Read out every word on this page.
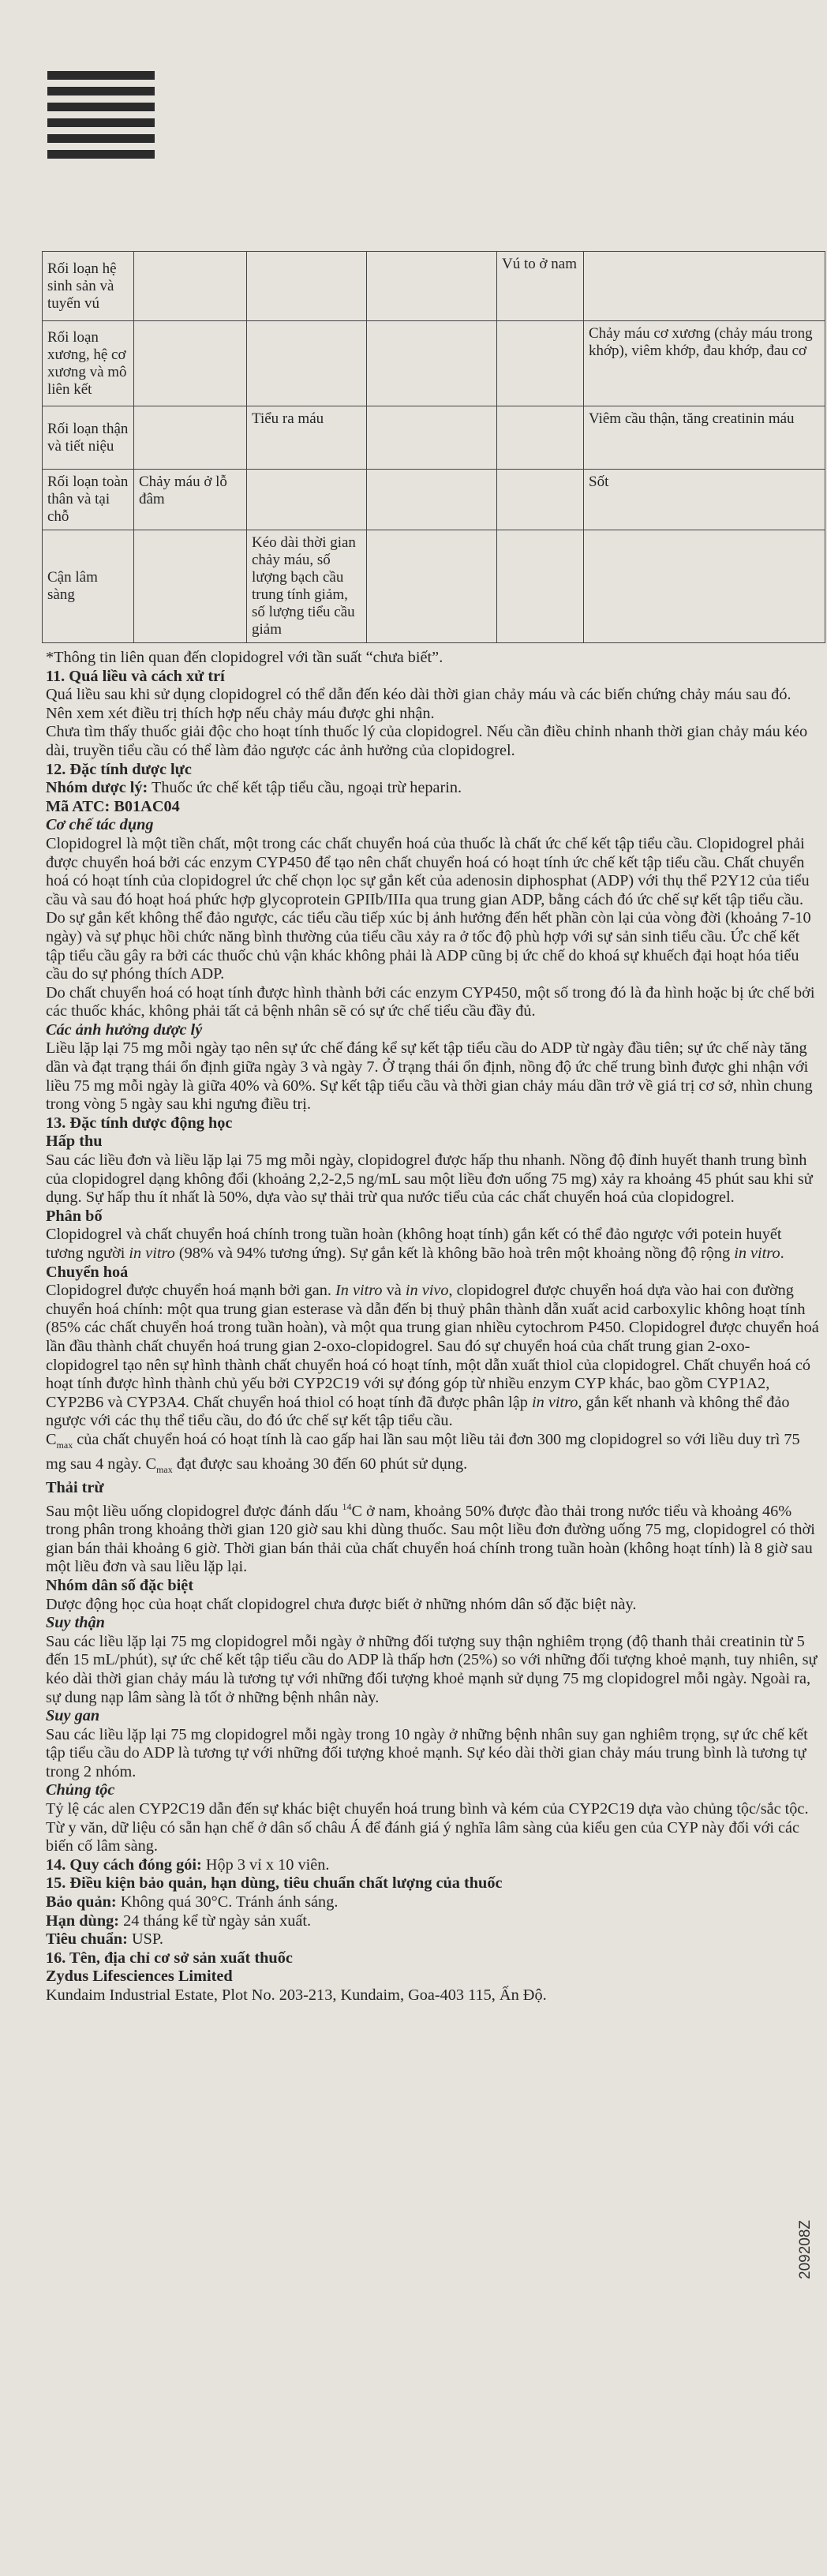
Rối loạn hệ sinh sản và tuyến vú				Vú to ở nam	
Rối loạn xương, hệ cơ xương và mô liên kết					Chảy máu cơ xương (chảy máu trong khớp), viêm khớp, đau khớp, đau cơ
Rối loạn thận và tiết niệu		Tiểu ra máu			Viêm cầu thận, tăng creatinin máu
Rối loạn toàn thân và tại chỗ	Chảy máu ở lỗ đâm				Sốt
Cận lâm sàng		Kéo dài thời gian chảy máu, số lượng bạch cầu trung tính giảm, số lượng tiểu cầu giảm			

*Thông tin liên quan đến clopidogrel với tần suất “chưa biết”.

11. Quá liều và cách xử trí

Quá liều sau khi sử dụng clopidogrel có thể dẫn đến kéo dài thời gian chảy máu và các biến chứng chảy máu sau đó. Nên xem xét điều trị thích hợp nếu chảy máu được ghi nhận.

Chưa tìm thấy thuốc giải độc cho hoạt tính thuốc lý của clopidogrel. Nếu cần điều chỉnh nhanh thời gian chảy máu kéo dài, truyền tiểu cầu có thể làm đảo ngược các ảnh hưởng của clopidogrel.

12. Đặc tính dược lực

Nhóm dược lý: Thuốc ức chế kết tập tiểu cầu, ngoại trừ heparin.

Mã ATC: B01AC04

Cơ chế tác dụng

Clopidogrel là một tiền chất, một trong các chất chuyển hoá của thuốc là chất ức chế kết tập tiểu cầu. Clopidogrel phải được chuyển hoá bởi các enzym CYP450 để tạo nên chất chuyển hoá có hoạt tính ức chế kết tập tiểu cầu. Chất chuyển hoá có hoạt tính của clopidogrel ức chế chọn lọc sự gắn kết của adenosin diphosphat (ADP) với thụ thể P2Y12 của tiểu cầu và sau đó hoạt hoá phức hợp glycoprotein GPIIb/IIIa qua trung gian ADP, bằng cách đó ức chế sự kết tập tiểu cầu. Do sự gắn kết không thể đảo ngược, các tiểu cầu tiếp xúc bị ảnh hưởng đến hết phần còn lại của vòng đời (khoảng 7-10 ngày) và sự phục hồi chức năng bình thường của tiểu cầu xảy ra ở tốc độ phù hợp với sự sản sinh tiểu cầu. Ức chế kết tập tiểu cầu gây ra bởi các thuốc chủ vận khác không phải là ADP cũng bị ức chế do khoá sự khuếch đại hoạt hóa tiểu cầu do sự phóng thích ADP.

Do chất chuyển hoá có hoạt tính được hình thành bởi các enzym CYP450, một số trong đó là đa hình hoặc bị ức chế bởi các thuốc khác, không phải tất cả bệnh nhân sẽ có sự ức chế tiểu cầu đầy đủ.

Các ảnh hưởng dược lý

Liều lặp lại 75 mg mỗi ngày tạo nên sự ức chế đáng kể sự kết tập tiểu cầu do ADP từ ngày đầu tiên; sự ức chế này tăng dần và đạt trạng thái ổn định giữa ngày 3 và ngày 7. Ở trạng thái ổn định, nồng độ ức chế trung bình được ghi nhận với liều 75 mg mỗi ngày là giữa 40% và 60%. Sự kết tập tiểu cầu và thời gian chảy máu dần trở về giá trị cơ sở, nhìn chung trong vòng 5 ngày sau khi ngưng điều trị.

13. Đặc tính dược động học

Hấp thu

Sau các liều đơn và liều lặp lại 75 mg mỗi ngày, clopidogrel được hấp thu nhanh. Nồng độ đỉnh huyết thanh trung bình của clopidogrel dạng không đổi (khoảng 2,2-2,5 ng/mL sau một liều đơn uống 75 mg) xảy ra khoảng 45 phút sau khi sử dụng. Sự hấp thu ít nhất là 50%, dựa vào sự thải trừ qua nước tiểu của các chất chuyển hoá của clopidogrel.

Phân bố

Clopidogrel và chất chuyển hoá chính trong tuần hoàn (không hoạt tính) gắn kết có thể đảo ngược với potein huyết tương người in vitro (98% và 94% tương ứng). Sự gắn kết là không bão hoà trên một khoảng nồng độ rộng in vitro.

Chuyển hoá

Clopidogrel được chuyển hoá mạnh bởi gan. In vitro và in vivo, clopidogrel được chuyển hoá dựa vào hai con đường chuyển hoá chính: một qua trung gian esterase và dẫn đến bị thuỷ phân thành dẫn xuất acid carboxylic không hoạt tính (85% các chất chuyển hoá trong tuần hoàn), và một qua trung gian nhiều cytochrom P450. Clopidogrel được chuyển hoá lần đầu thành chất chuyển hoá trung gian 2-oxo-clopidogrel. Sau đó sự chuyển hoá của chất trung gian 2-oxo-clopidogrel tạo nên sự hình thành chất chuyển hoá có hoạt tính, một dẫn xuất thiol của clopidogrel. Chất chuyển hoá có hoạt tính được hình thành chủ yếu bởi CYP2C19 với sự đóng góp từ nhiều enzym CYP khác, bao gồm CYP1A2, CYP2B6 và CYP3A4. Chất chuyển hoá thiol có hoạt tính đã được phân lập in vitro, gắn kết nhanh và không thể đảo ngược với các thụ thể tiểu cầu, do đó ức chế sự kết tập tiểu cầu.

$C_{max}$ của chất chuyển hoá có hoạt tính là cao gấp hai lần sau một liều tải đơn 300 mg clopidogrel so với liều duy trì 75 mg sau 4 ngày. $C_{max}$ đạt được sau khoảng 30 đến 60 phút sử dụng.

Thải trừ

Sau một liều uống clopidogrel được đánh dấu $^{14}$C ở nam, khoảng 50% được đào thải trong nước tiểu và khoảng 46% trong phân trong khoảng thời gian 120 giờ sau khi dùng thuốc. Sau một liều đơn đường uống 75 mg, clopidogrel có thời gian bán thải khoảng 6 giờ. Thời gian bán thải của chất chuyển hoá chính trong tuần hoàn (không hoạt tính) là 8 giờ sau một liều đơn và sau liều lặp lại.

Nhóm dân số đặc biệt

Dược động học của hoạt chất clopidogrel chưa được biết ở những nhóm dân số đặc biệt này.

Suy thận

Sau các liều lặp lại 75 mg clopidogrel mỗi ngày ở những đối tượng suy thận nghiêm trọng (độ thanh thải creatinin từ 5 đến 15 mL/phút), sự ức chế kết tập tiểu cầu do ADP là thấp hơn (25%) so với những đối tượng khoẻ mạnh, tuy nhiên, sự kéo dài thời gian chảy máu là tương tự với những đối tượng khoẻ mạnh sử dụng 75 mg clopidogrel mỗi ngày. Ngoài ra, sự dung nạp lâm sàng là tốt ở những bệnh nhân này.

Suy gan

Sau các liều lặp lại 75 mg clopidogrel mỗi ngày trong 10 ngày ở những bệnh nhân suy gan nghiêm trọng, sự ức chế kết tập tiểu cầu do ADP là tương tự với những đối tượng khoẻ mạnh. Sự kéo dài thời gian chảy máu trung bình là tương tự trong 2 nhóm.

Chủng tộc

Tỷ lệ các alen CYP2C19 dẫn đến sự khác biệt chuyển hoá trung bình và kém của CYP2C19 dựa vào chủng tộc/sắc tộc. Từ y văn, dữ liệu có sẵn hạn chế ở dân số châu Á để đánh giá ý nghĩa lâm sàng của kiểu gen của CYP này đối với các biến cố lâm sàng.

14. Quy cách đóng gói: Hộp 3 vỉ x 10 viên.

15. Điều kiện bảo quản, hạn dùng, tiêu chuẩn chất lượng của thuốc

Bảo quản: Không quá 30°C. Tránh ánh sáng.

Hạn dùng: 24 tháng kể từ ngày sản xuất.

Tiêu chuẩn: USP.

16. Tên, địa chỉ cơ sở sản xuất thuốc

Zydus Lifesciences Limited

Kundaim Industrial Estate, Plot No. 203-213, Kundaim, Goa-403 115, Ấn Độ.

209208Z
